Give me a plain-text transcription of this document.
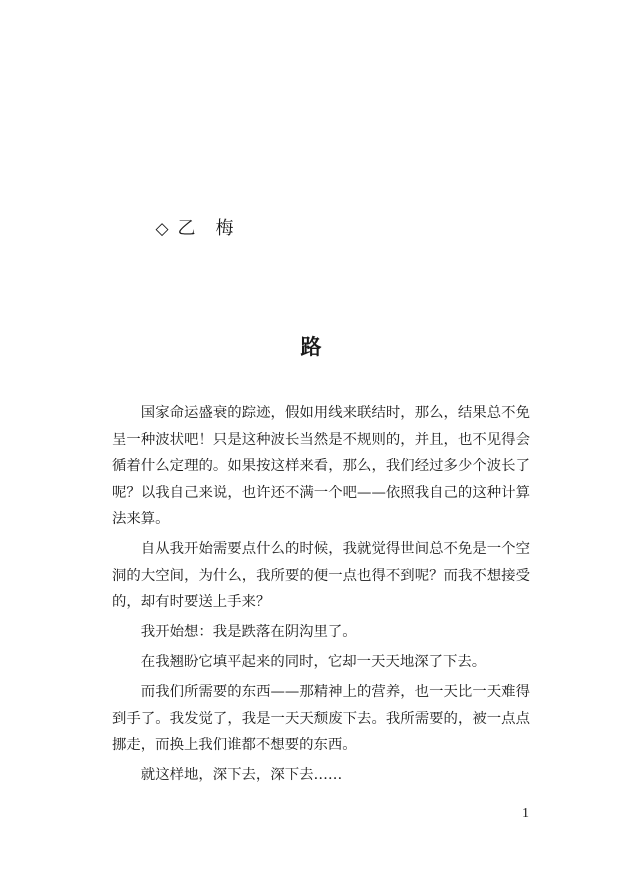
◇ 乙　梅

路

国家命运盛衰的踪迹，假如用线来联结时，那么，结果总不免呈一种波状吧！只是这种波长当然是不规则的，并且，也不见得会循着什么定理的。如果按这样来看，那么，我们经过多少个波长了呢？以我自己来说，也许还不满一个吧——依照我自己的这种计算法来算。

自从我开始需要点什么的时候，我就觉得世间总不免是一个空洞的大空间，为什么，我所要的便一点也得不到呢？而我不想接受的，却有时要送上手来？

我开始想：我是跌落在阴沟里了。

在我翘盼它填平起来的同时，它却一天天地深了下去。

而我们所需要的东西——那精神上的营养，也一天比一天难得到手了。我发觉了，我是一天天颓废下去。我所需要的，被一点点挪走，而换上我们谁都不想要的东西。

就这样地，深下去，深下去……

1
